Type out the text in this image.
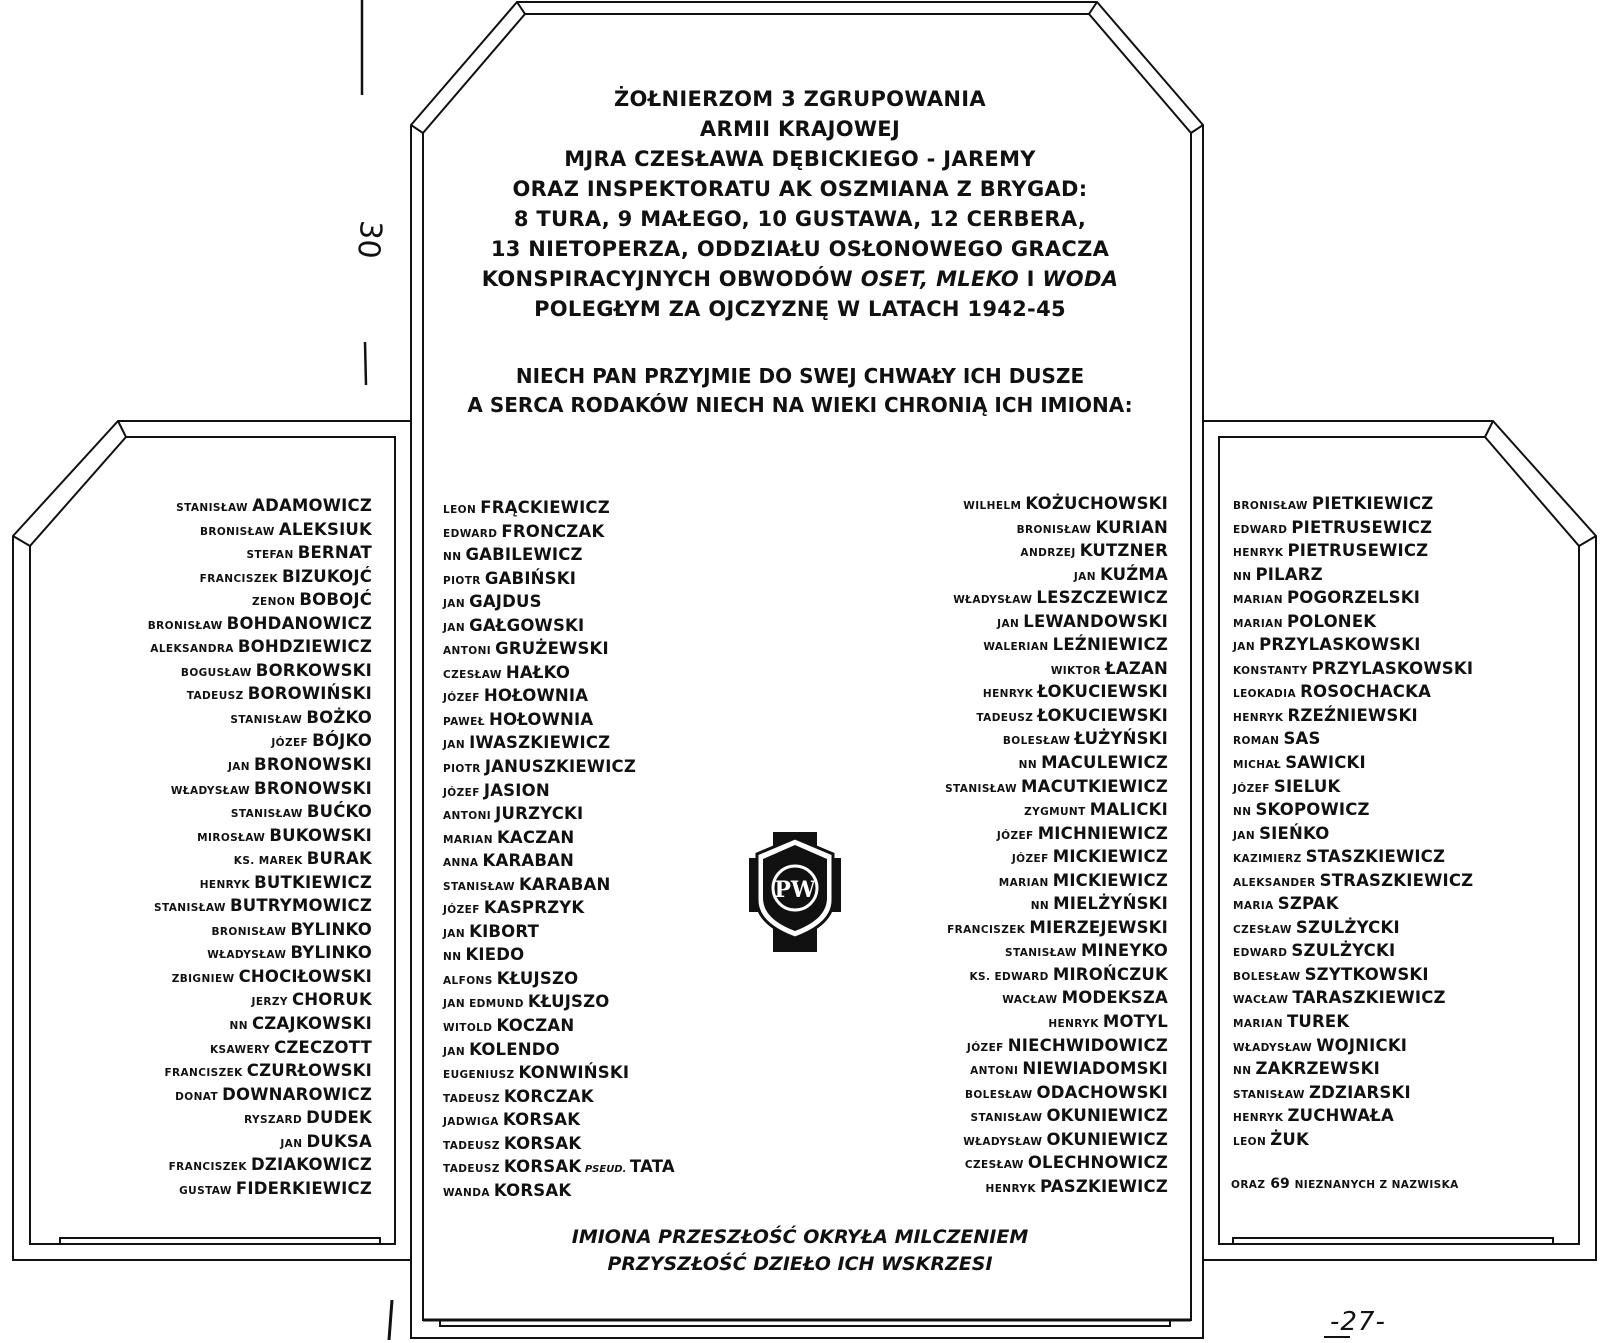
PW
ŻOŁNIERZOM 3 ZGRUPOWANIA
ARMII KRAJOWEJ
MJRA CZESŁAWA DĘBICKIEGO - JAREMY
ORAZ INSPEKTORATU AK OSZMIANA Z BRYGAD:
8 TURA, 9 MAŁEGO, 10 GUSTAWA, 12 CERBERA,
13 NIETOPERZA, ODDZIAŁU OSŁONOWEGO GRACZA
KONSPIRACYJNYCH OBWODÓW OSET, MLEKO I WODA
POLEGŁYM ZA OJCZYZNĘ W LATACH 1942-45
NIECH PAN PRZYJMIE DO SWEJ CHWAŁY ICH DUSZE
A SERCA RODAKÓW NIECH NA WIEKI CHRONIĄ ICH IMIONA:
STANISŁAW ADAMOWICZ
BRONISŁAW ALEKSIUK
STEFAN BERNAT
FRANCISZEK BIZUKOJĆ
ZENON BOBOJĆ
BRONISŁAW BOHDANOWICZ
ALEKSANDRA BOHDZIEWICZ
BOGUSŁAW BORKOWSKI
TADEUSZ BOROWIŃSKI
STANISŁAW BOŻKO
JÓZEF BÓJKO
JAN BRONOWSKI
WŁADYSŁAW BRONOWSKI
STANISŁAW BUĆKO
MIROSŁAW BUKOWSKI
KS. MAREK BURAK
HENRYK BUTKIEWICZ
STANISŁAW BUTRYMOWICZ
BRONISŁAW BYLINKO
WŁADYSŁAW BYLINKO
ZBIGNIEW CHOCIŁOWSKI
JERZY CHORUK
NN CZAJKOWSKI
KSAWERY CZECZOTT
FRANCISZEK CZURŁOWSKI
DONAT DOWNAROWICZ
RYSZARD DUDEK
JAN DUKSA
FRANCISZEK DZIAKOWICZ
GUSTAW FIDERKIEWICZ
LEON FRĄCKIEWICZ
EDWARD FRONCZAK
NN GABILEWICZ
PIOTR GABIŃSKI
JAN GAJDUS
JAN GAŁGOWSKI
ANTONI GRUŻEWSKI
CZESŁAW HAŁKO
JÓZEF HOŁOWNIA
PAWEŁ HOŁOWNIA
JAN IWASZKIEWICZ
PIOTR JANUSZKIEWICZ
JÓZEF JASION
ANTONI JURZYCKI
MARIAN KACZAN
ANNA KARABAN
STANISŁAW KARABAN
JÓZEF KASPRZYK
JAN KIBORT
NN KIEDO
ALFONS KŁUJSZO
JAN EDMUND KŁUJSZO
WITOLD KOCZAN
JAN KOLENDO
EUGENIUSZ KONWIŃSKI
TADEUSZ KORCZAK
JADWIGA KORSAK
TADEUSZ KORSAK
TADEUSZ KORSAK PSEUD. TATA
WANDA KORSAK
WILHELM KOŻUCHOWSKI
BRONISŁAW KURIAN
ANDRZEJ KUTZNER
JAN KUŹMA
WŁADYSŁAW LESZCZEWICZ
JAN LEWANDOWSKI
WALERIAN LEŹNIEWICZ
WIKTOR ŁAZAN
HENRYK ŁOKUCIEWSKI
TADEUSZ ŁOKUCIEWSKI
BOLESŁAW ŁUŻYŃSKI
NN MACULEWICZ
STANISŁAW MACUTKIEWICZ
ZYGMUNT MALICKI
JÓZEF MICHNIEWICZ
JÓZEF MICKIEWICZ
MARIAN MICKIEWICZ
NN MIELŻYŃSKI
FRANCISZEK MIERZEJEWSKI
STANISŁAW MINEYKO
KS. EDWARD MIROŃCZUK
WACŁAW MODEKSZA
HENRYK MOTYL
JÓZEF NIECHWIDOWICZ
ANTONI NIEWIADOMSKI
BOLESŁAW ODACHOWSKI
STANISŁAW OKUNIEWICZ
WŁADYSŁAW OKUNIEWICZ
CZESŁAW OLECHNOWICZ
HENRYK PASZKIEWICZ
BRONISŁAW PIETKIEWICZ
EDWARD PIETRUSEWICZ
HENRYK PIETRUSEWICZ
NN PILARZ
MARIAN POGORZELSKI
MARIAN POLONEK
JAN PRZYLASKOWSKI
KONSTANTY PRZYLASKOWSKI
LEOKADIA ROSOCHACKA
HENRYK RZEŹNIEWSKI
ROMAN SAS
MICHAŁ SAWICKI
JÓZEF SIELUK
NN SKOPOWICZ
JAN SIEŃKO
KAZIMIERZ STASZKIEWICZ
ALEKSANDER STRASZKIEWICZ
MARIA SZPAK
CZESŁAW SZULŻYCKI
EDWARD SZULŻYCKI
BOLESŁAW SZYTKOWSKI
WACŁAW TARASZKIEWICZ
MARIAN TUREK
WŁADYSŁAW WOJNICKI
NN ZAKRZEWSKI
STANISŁAW ZDZIARSKI
HENRYK ZUCHWAŁA
LEON ŻUK
ORAZ 69 NIEZNANYCH Z NAZWISKA
IMIONA PRZESZŁOŚĆ OKRYŁA MILCZENIEM
PRZYSZŁOŚĆ DZIEŁO ICH WSKRZESI
30
-27-
